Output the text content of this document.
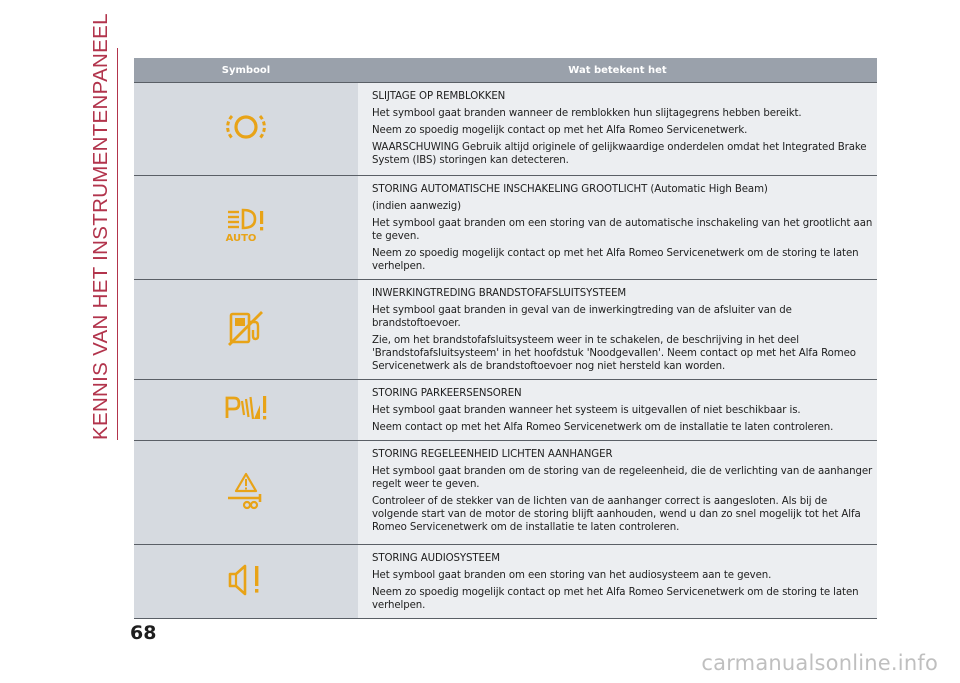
KENNIS VAN HET INSTRUMENTENPANEEL	Symbool	Wat betekent het

SLIJTAGE OP REMBLOKKEN
Het symbool gaat branden wanneer de remblokken hun slijtagegrens hebben bereikt.
Neem zo spoedig mogelijk contact op met het Alfa Romeo Servicenetwerk.
WAARSCHUWING Gebruik altijd originele of gelijkwaardige onderdelen omdat het Integrated Brake System (IBS) storingen kan detecteren.

AUTO	STORING AUTOMATISCHE INSCHAKELING GROOTLICHT (Automatic High Beam)
(indien aanwezig)
Het symbool gaat branden om een storing van de automatische inschakeling van het grootlicht aan te geven.
Neem zo spoedig mogelijk contact op met het Alfa Romeo Servicenetwerk om de storing te laten verhelpen.

INWERKINGTREDING BRANDSTOFAFSLUITSYSTEEM
Het symbool gaat branden in geval van de inwerkingtreding van de afsluiter van de brandstoftoevoer.
Zie, om het brandstofafsluitsysteem weer in te schakelen, de beschrijving in het deel 'Brandstofafsluitsysteem' in het hoofdstuk 'Noodgevallen'. Neem contact op met het Alfa Romeo Servicenetwerk als de brandstoftoevoer nog niet hersteld kan worden.

STORING PARKEERSENSOREN
Het symbool gaat branden wanneer het systeem is uitgevallen of niet beschikbaar is.
Neem contact op met het Alfa Romeo Servicenetwerk om de installatie te laten controleren.

STORING REGELEENHEID LICHTEN AANHANGER
Het symbool gaat branden om de storing van de regeleenheid, die de verlichting van de aanhanger regelt weer te geven.
Controleer of de stekker van de lichten van de aanhanger correct is aangesloten. Als bij de volgende start van de motor de storing blijft aanhouden, wend u dan zo snel mogelijk tot het Alfa Romeo Servicenetwerk om de installatie te laten controleren.

STORING AUDIOSYSTEEM
Het symbool gaat branden om een storing van het audiosysteem aan te geven.
Neem zo spoedig mogelijk contact op met het Alfa Romeo Servicenetwerk om de storing te laten verhelpen.
68
carmanualsonline.info
